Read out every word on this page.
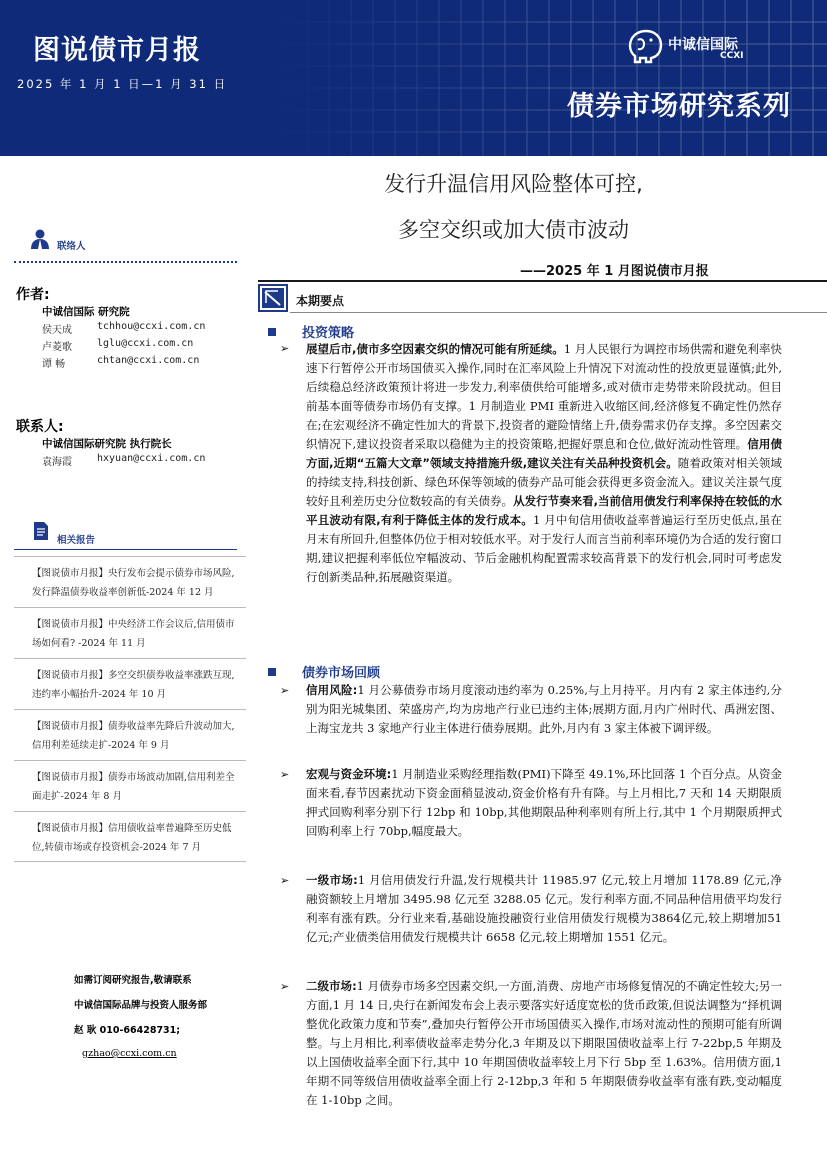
图说债市月报
2025 年 1 月 1 日—1 月 31 日
中诚信国际
CCXI
债券市场研究系列
发行升温信用风险整体可控,
多空交织或加大债市波动
——2025 年 1 月图说债市月报
联络人
作者:
中诚信国际 研究院
侯天成	tchhou@ccxi.com.cn
卢菱歌	lglu@ccxi.com.cn
谭 畅	chtan@ccxi.com.cn
联系人:
中诚信国际研究院 执行院长
袁海霞	hxyuan@ccxi.com.cn
相关报告
【图说债市月报】央行发布会提示债券市场风险,发行降温债券收益率创新低-2024 年 12 月
【图说债市月报】中央经济工作会议后,信用债市场如何看? -2024 年 11 月
【图说债市月报】多空交织债券收益率涨跌互现,违约率小幅抬升-2024 年 10 月
【图说债市月报】债券收益率先降后升波动加大,信用利差延续走扩-2024 年 9 月
【图说债市月报】债券市场波动加剧,信用利差全面走扩-2024 年 8 月
【图说债市月报】信用债收益率普遍降至历史低位,转债市场或存投资机会-2024 年 7 月
如需订阅研究报告,敬请联系
中诚信国际品牌与投资人服务部
赵 耿 010-66428731;
gzhao@ccxi.com.cn
本期要点
投资策略
➢ 展望后市,债市多空因素交织的情况可能有所延续。1 月人民银行为调控市场供需和避免利率快速下行暂停公开市场国债买入操作,同时在汇率风险上升情况下对流动性的投放更显谨慎;此外,后续稳总经济政策预计将进一步发力,利率债供给可能增多,或对债市走势带来阶段扰动。但目前基本面等债券市场仍有支撑。1 月制造业 PMI 重新进入收缩区间,经济修复不确定性仍然存在;在宏观经济不确定性加大的背景下,投资者的避险情绪上升,债券需求仍存支撑。多空因素交织情况下,建议投资者采取以稳健为主的投资策略,把握好票息和仓位,做好流动性管理。信用债方面,近期“五篇大文章”领域支持措施升级,建议关注有关品种投资机会。随着政策对相关领域的持续支持,科技创新、绿色环保等领域的债券产品可能会获得更多资金流入。建议关注景气度较好且利差历史分位数较高的有关债券。从发行节奏来看,当前信用债发行利率保持在较低的水平且波动有限,有利于降低主体的发行成本。1 月中旬信用债收益率普遍运行至历史低点,虽在月末有所回升,但整体仍位于相对较低水平。对于发行人而言当前利率环境仍为合适的发行窗口期,建议把握利率低位窄幅波动、节后金融机构配置需求较高背景下的发行机会,同时可考虑发行创新类品种,拓展融资渠道。
债券市场回顾
➢ 信用风险:1 月公募债券市场月度滚动违约率为 0.25%,与上月持平。月内有 2 家主体违约,分别为阳光城集团、荣盛房产,均为房地产行业已违约主体;展期方面,月内广州时代、禹洲宏图、上海宝龙共 3 家地产行业主体进行债券展期。此外,月内有 3 家主体被下调评级。
➢ 宏观与资金环境:1 月制造业采购经理指数(PMI)下降至 49.1%,环比回落 1 个百分点。从资金面来看,春节因素扰动下资金面稍显波动,资金价格有升有降。与上月相比,7 天和 14 天期限质押式回购利率分别下行 12bp 和 10bp,其他期限品种利率则有所上行,其中 1 个月期限质押式回购利率上行 70bp,幅度最大。
➢ 一级市场:1 月信用债发行升温,发行规模共计 11985.97 亿元,较上月增加 1178.89 亿元,净融资额较上月增加 3495.98 亿元至 3288.05 亿元。发行利率方面,不同品种信用债平均发行利率有涨有跌。分行业来看,基础设施投融资行业信用债发行规模为3864亿元,较上期增加51亿元;产业债类信用债发行规模共计 6658 亿元,较上期增加 1551 亿元。
➢ 二级市场:1 月债券市场多空因素交织,一方面,消费、房地产市场修复情况的不确定性较大;另一方面,1 月 14 日,央行在新闻发布会上表示要落实好适度宽松的货币政策,但说法调整为“择机调整优化政策力度和节奏”,叠加央行暂停公开市场国债买入操作,市场对流动性的预期可能有所调整。与上月相比,利率债收益率走势分化,3 年期及以下期限国债收益率上行 7-22bp,5 年期及以上国债收益率全面下行,其中 10 年期国债收益率较上月下行 5bp 至 1.63%。信用债方面,1 年期不同等级信用债收益率全面上行 2-12bp,3 年和 5 年期限债券收益率有涨有跌,变动幅度在 1-10bp 之间。
